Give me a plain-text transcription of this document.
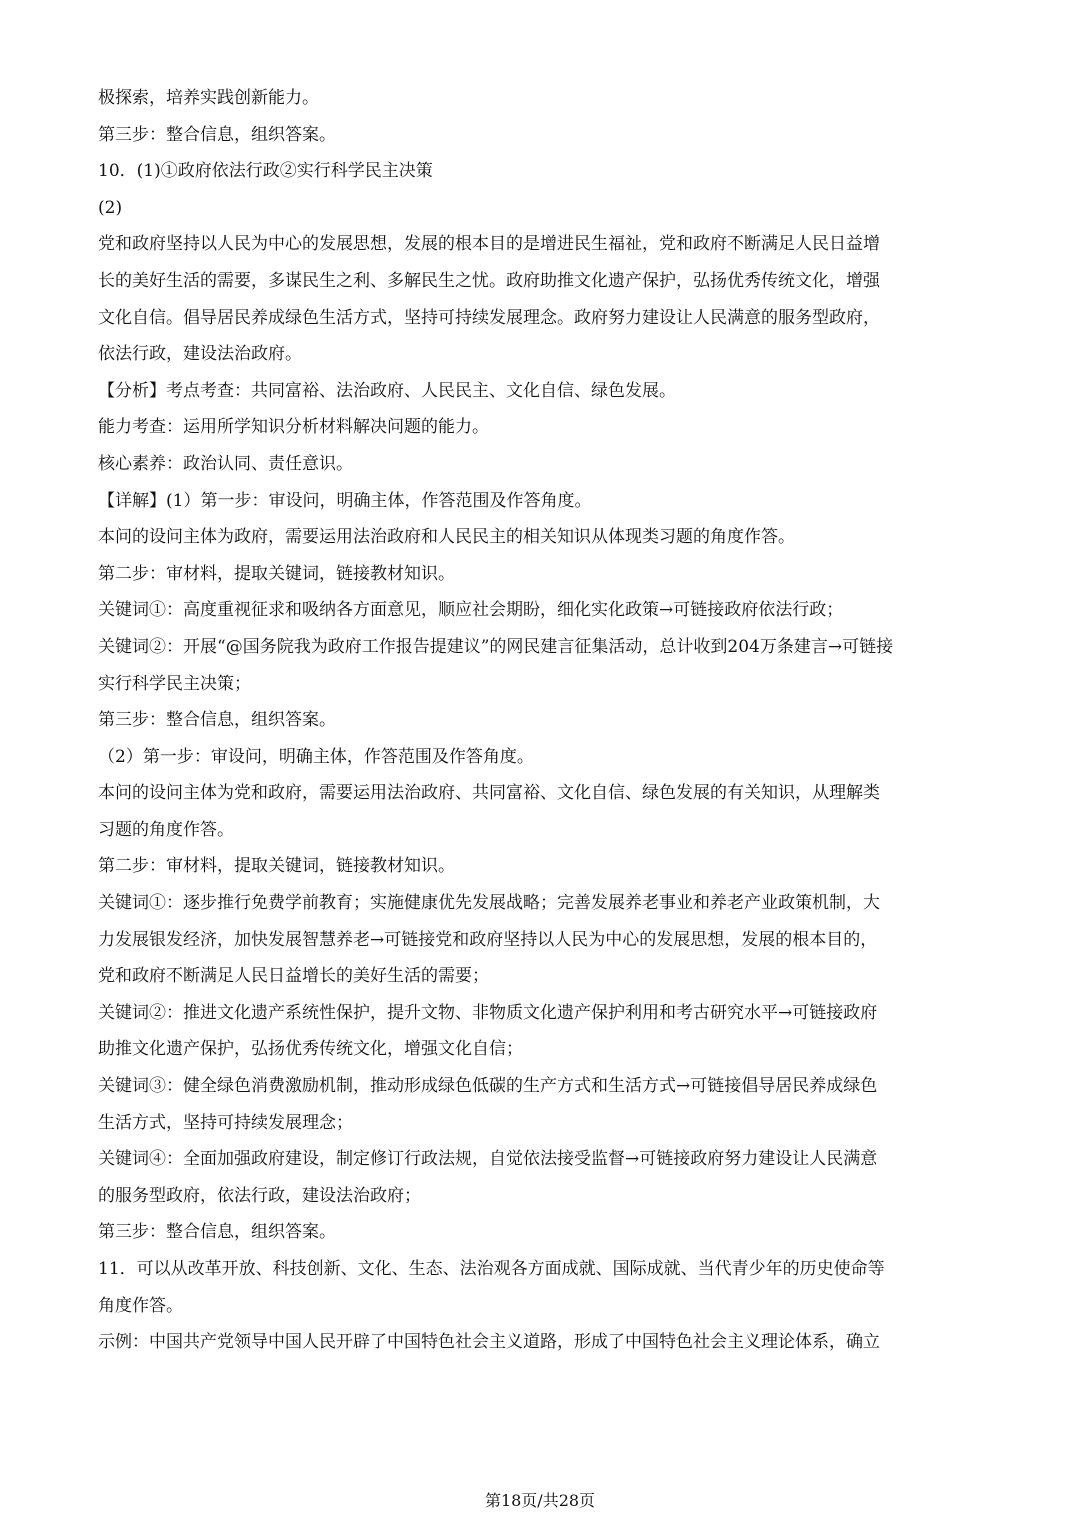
极探索，培养实践创新能力。
第三步：整合信息，组织答案。
10．(1)①政府依法行政②实行科学民主决策
(2)
党和政府坚持以人民为中心的发展思想，发展的根本目的是增进民生福祉，党和政府不断满足人民日益增
长的美好生活的需要，多谋民生之利、多解民生之忧。政府助推文化遗产保护，弘扬优秀传统文化，增强
文化自信。倡导居民养成绿色生活方式，坚持可持续发展理念。政府努力建设让人民满意的服务型政府，
依法行政，建设法治政府。
【分析】考点考查：共同富裕、法治政府、人民民主、文化自信、绿色发展。
能力考查：运用所学知识分析材料解决问题的能力。
核心素养：政治认同、责任意识。
【详解】(1）第一步：审设问，明确主体，作答范围及作答角度。
本问的设问主体为政府，需要运用法治政府和人民民主的相关知识从体现类习题的角度作答。
第二步：审材料，提取关键词，链接教材知识。
关键词①：高度重视征求和吸纳各方面意见，顺应社会期盼，细化实化政策→可链接政府依法行政；
关键词②：开展“@国务院我为政府工作报告提建议”的网民建言征集活动，总计收到204万条建言→可链接
实行科学民主决策；
第三步：整合信息，组织答案。
（2）第一步：审设问，明确主体，作答范围及作答角度。
本问的设问主体为党和政府，需要运用法治政府、共同富裕、文化自信、绿色发展的有关知识，从理解类
习题的角度作答。
第二步：审材料，提取关键词，链接教材知识。
关键词①：逐步推行免费学前教育；实施健康优先发展战略；完善发展养老事业和养老产业政策机制，大
力发展银发经济，加快发展智慧养老→可链接党和政府坚持以人民为中心的发展思想，发展的根本目的，
党和政府不断满足人民日益增长的美好生活的需要；
关键词②：推进文化遗产系统性保护，提升文物、非物质文化遗产保护利用和考古研究水平→可链接政府
助推文化遗产保护，弘扬优秀传统文化，增强文化自信；
关键词③：健全绿色消费激励机制，推动形成绿色低碳的生产方式和生活方式→可链接倡导居民养成绿色
生活方式，坚持可持续发展理念；
关键词④：全面加强政府建设，制定修订行政法规，自觉依法接受监督→可链接政府努力建设让人民满意
的服务型政府，依法行政，建设法治政府；
第三步：整合信息，组织答案。
11．可以从改革开放、科技创新、文化、生态、法治观各方面成就、国际成就、当代青少年的历史使命等
角度作答。
示例：中国共产党领导中国人民开辟了中国特色社会主义道路，形成了中国特色社会主义理论体系，确立
第18页/共28页
